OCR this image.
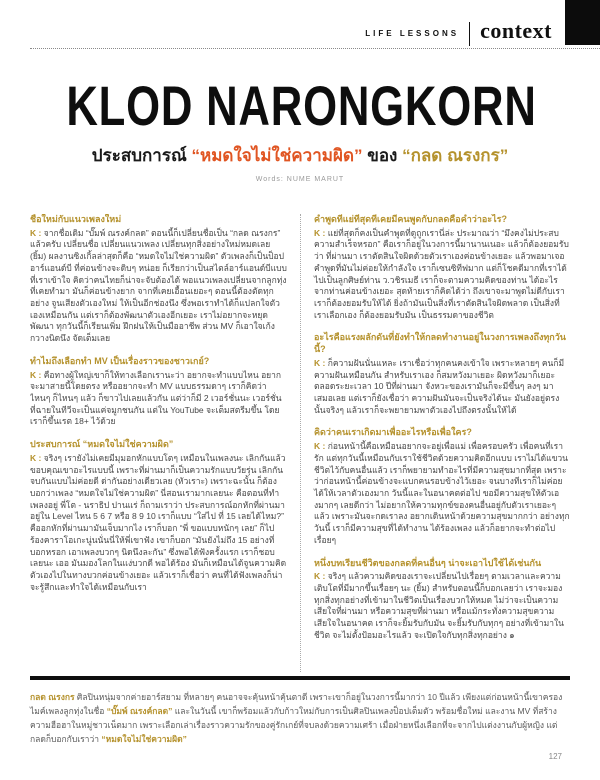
LIFE LESSONS context
KLOD NARONGKORN
ประสบการณ์ “หมดใจไม่ใช่ความผิด” ของ “กลด ณรงกร”
Words: NUME MARUT
ชื่อใหม่กับแนวเพลงใหม่

K : จากชื่อเดิม “บั๊มพ์ ณรงค์กลด” ตอนนี้ก็เปลี่ยนชื่อเป็น “กลด ณรงกร” แล้วครับ เปลี่ยนชื่อ เปลี่ยนแนวเพลง เปลี่ยนทุกสิ่งอย่างใหม่หมดเลย (ยิ้ม) ผลงานซิงเกิ้ลล่าสุดก็คือ “หมดใจไม่ใช่ความผิด” ตัวเพลงก็เป็นป็อป อาร์แอนด์บี ที่ค่อนข้างจะดิบๆ หน่อย ก็เรียกว่าเป็นสไตล์อาร์แอนด์บีแบบที่เราเข้าใจ คิดว่าคนไทยก็น่าจะจับต้องได้ พอแนวเพลงเปลี่ยนจากลูกทุ่งที่เคยทำมา มันก็ค่อนข้างยาก จากที่เคยเอื้อนเยอะๆ ตอนนี้ต้องตัดทุกอย่าง จูนเสียงตัวเองใหม่ ให้เป็นอีกช่องนึง ซึ่งพอเราทำได้ก็แปลกใจตัวเองเหมือนกัน แต่เราก็ต้องพัฒนาตัวเองอีกเยอะ เราไม่อยากจะหยุดพัฒนา ทุกวันนี้ก็เรียนเพิ่ม ฝึกฝนให้เป็นมืออาชีพ ส่วน MV ก็เอาใจเก้งกวางนิดนึง จัดเต็มเลย

ทำไมถึงเลือกทำ MV เป็นเรื่องราวของชาวเกย์?

K : คือทางผู้ใหญ่เขาก็ให้ทางเลือกเรานะว่า อยากจะทำแบบไหน อยากจะมาสายนี้โดยตรง หรืออยากจะทำ MV แบบธรรมดาๆ เราก็คิดว่า ไหนๆ ก็ไหนๆ แล้ว ก็ขาวไปเลยแล้วกัน แต่ว่าก็มี 2 เวอร์ชั่นนะ เวอร์ชั่นที่ฉายในทีวีจะเป็นแค่จมูกชนกัน แต่ใน YouTube จะเต็มสตรีมขึ้น โดยเราก็ขึ้นเรต 18+ ไว้ด้วย

ประสบการณ์ “หมดใจไม่ใช่ความผิด”

K : จริงๆ เรายังไม่เคยมีมุมอกหักแบบโตๆ เหมือนในเพลงนะ เลิกกันแล้วขอบคุณเขาอะไรแบบนี้ เพราะที่ผ่านมาก็เป็นความรักแบบวัยรุ่น เลิกกันจบกันแบบไม่ค่อยดี ด่ากันอย่างเดียวเลย (หัวเราะ) เพราะฉะนั้น ก็ต้องบอกว่าเพลง “หมดใจไม่ใช่ความผิด” นี่สอนเรามากเลยนะ คือตอนที่ทำเพลงอยู่ พี่โต - นราธิป ปานแร่ ก็ถามเราว่า ประสบการณ์อกหักที่ผ่านมาอยู่ใน Level ไหน 5 6 7 หรือ 8 9 10 เราก็แบบ “ใส่ไป ที่ 15 เลยได้ไหม?” คืออกหักที่ผ่านมามันเจ็บมากไง เราก็บอก “พี่ ขอแบบหนักๆ เลย” ก็ไปร้องคาราโอเกะนู่นนั่นนี่ให้พี่เขาฟัง เขาก็บอก “มันยังไม่ถึง 15 อย่างที่บอกหรอก เอาเพลงบวกๆ นิดนึงละกัน” ซึ่งพอได้ฟังครั้งแรก เราก็ชอบเลยนะ เออ มันมองโลกในแง่บวกดี พอได้ร้อง มันก็เหมือนได้จูนความคิดตัวเองไปในทางบวกค่อนข้างเยอะ แล้วเราก็เชื่อว่า คนที่ได้ฟังเพลงก็น่าจะรู้สึกและทำใจได้เหมือนกับเรา

คำพูดที่แย่ที่สุดที่เคยมีคนพูดกับกลดคือคำว่าอะไร?

K : แย่ที่สุดก็คงเป็นคำพูดที่ดูถูกเรานี่ล่ะ ประมาณว่า “มึงคงไม่ประสบความสำเร็จหรอก” คือเราก็อยู่ในวงการนี้มานานเนอะ แล้วก็ต้องยอมรับว่า ที่ผ่านมา เราตัดสินใจผิดด้วยตัวเราเองค่อนข้างเยอะ แล้วพอมาเจอคำพูดที่มันไม่ค่อยให้กำลังใจ เราก็เซนซิทีฟมาก แต่ก็โชคดีมากที่เราได้ไปเป็นลูกศิษย์ท่าน ว.วชิรเมธี เราก็จะตามความคิดของท่าน ได้อะไรจากท่านค่อนข้างเยอะ สุดท้ายเราก็คิดได้ว่า ถึงเขาจะมาพูดไม่ดีกับเรา เราก็ต้องยอมรับให้ได้ ยิ่งถ้ามันเป็นสิ่งที่เราตัดสินใจผิดพลาด เป็นสิ่งที่เราเลือกเอง ก็ต้องยอมรับมัน เป็นธรรมดาของชีวิต

อะไรคือแรงผลักดันที่ยังทำให้กลดทำงานอยู่ในวงการเพลงถึงทุกวันนี้?

K : ก็ความฝันนั่นแหละ เราเชื่อว่าทุกคนคงเข้าใจ เพราะหลายๆ คนก็มีความฝันเหมือนกัน สำหรับเราเอง ก็สมหวังมาเยอะ ผิดหวังมาก็เยอะ ตลอดระยะเวลา 10 ปีที่ผ่านมา จังหวะของเรามันก็จะมีขึ้นๆ ลงๆ มาเสมอเลย แต่เราก็ยังเชื่อว่า ความฝันมันจะเป็นจริงได้นะ มันยังอยู่ตรงนั้นจริงๆ แล้วเราก็จะพยายามพาตัวเองไปถึงตรงนั้นให้ได้

คิดว่าคนเราเกิดมาเพื่ออะไรหรือเพื่อใคร?

K : ก่อนหน้านี้คือเหมือนอยากจะอยู่เพื่อแม่ เพื่อครอบครัว เพื่อคนที่เรารัก แต่ทุกวันนี้เหมือนกับเราใช้ชีวิตด้วยความคิดอีกแบบ เราไม่ได้แขวนชีวิตไว้กับคนอื่นแล้ว เราก็พยายามทำอะไรที่มีความสุขมากที่สุด เพราะว่าก่อนหน้านี้ค่อนข้างจะแบกคนรอบข้างไว้เยอะ จนบางทีเราก็ไม่ค่อยได้ให้เวลาตัวเองมาก วันนี้และในอนาคตต่อไป ขอมีความสุขให้ตัวเองมากๆ เลยดีกว่า ไม่อยากให้ความทุกข์ของคนอื่นอยู่กับตัวเราเยอะๆ แล้ว เพราะมันจะกดเราลง อยากเดินหน้าด้วยความสุขมากกว่า อย่างทุกวันนี้ เราก็มีความสุขที่ได้ทำงาน ได้ร้องเพลง แล้วก็อยากจะทำต่อไปเรื่อยๆ

หนึ่งบทเรียนชีวิตของกลดที่คนอื่นๆ น่าจะเอาไปใช้ได้เช่นกัน

K : จริงๆ แล้วความคิดของเราจะเปลี่ยนไปเรื่อยๆ ตามเวลาและความเติบโตที่มีมากขึ้นเรื่อยๆ นะ (ยิ้ม) สำหรับตอนนี้ก็บอกเลยว่า เราจะมองทุกสิ่งทุกอย่างที่เข้ามาในชีวิตเป็นเรื่องบวกให้หมด ไม่ว่าจะเป็นความเสียใจที่ผ่านมา หรือความสุขที่ผ่านมา หรือแม้กระทั่งความสุขความเสียใจในอนาคต เราก็จะยิ้มรับกับมัน จะยิ้มรับกับทุกๆ อย่างที่เข้ามาในชีวิต จะไม่ตั้งป้อมอะไรแล้ว จะเปิดใจกับทุกสิ่งทุกอย่าง ๑

กลด ณรงกร ศิลปินหนุ่มจากค่ายอาร์สยาม ที่หลายๆ คนอาจจะคุ้นหน้าคุ้นตาดี เพราะเขาก็อยู่ในวงการนี้มากว่า 10 ปีแล้ว เพียงแต่ก่อนหน้านี้เขาครองไมค์เพลงลูกทุ่งในชื่อ “บั๊มพ์ ณรงค์กลด” และในวันนี้ เขาก็พร้อมแล้วกับก้าวใหม่กับการเป็นศิลปินเพลงป็อปเต็มตัว พร้อมชื่อใหม่ และงาน MV ที่สร้างความฮือฮาในหมู่ชาวเน็ตมาก เพราะเลือกเล่าเรื่องราวความรักของคู่รักเกย์ที่จบลงด้วยความเศร้า เมื่อฝ่ายหนึ่งเลือกที่จะจากไปแต่งงานกับผู้หญิง แต่กลดก็บอกกับเราว่า “หมดใจไม่ใช่ความผิด”

127
